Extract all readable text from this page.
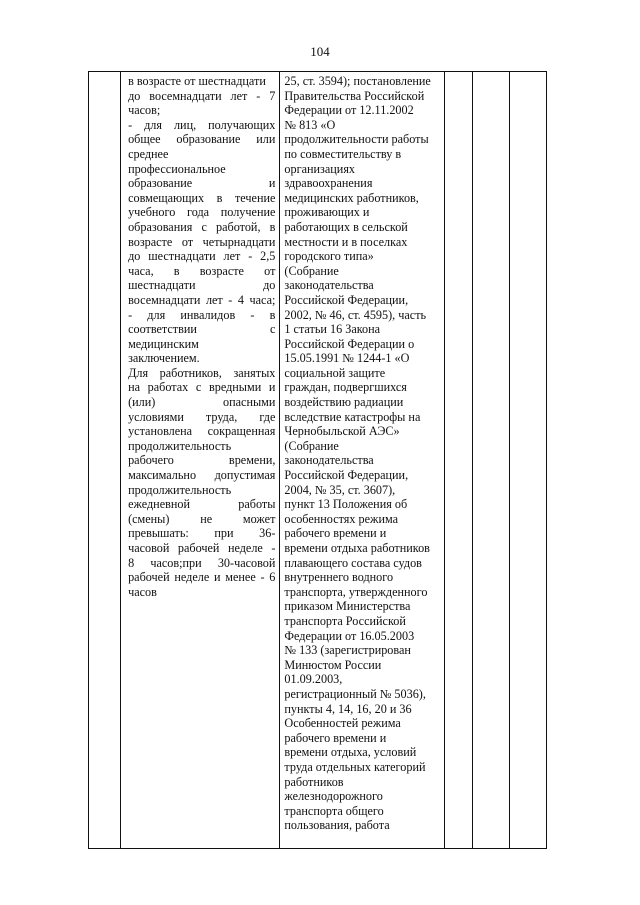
104

в возрасте от шестнадцати
до восемнадцати лет - 7
часов;
- для лиц, получающих
общее образование или
среднее
профессиональное
образование и
совмещающих в течение
учебного года получение
образования с работой, в
возрасте от четырнадцати
до шестнадцати лет - 2,5
часа, в возрасте от
шестнадцати до
восемнадцати лет - 4 часа;
- для инвалидов - в
соответствии с
медицинским
заключением.
Для работников, занятых
на работах с вредными и
(или) опасными
условиями труда, где
установлена сокращенная
продолжительность
рабочего времени,
максимально допустимая
продолжительность
ежедневной работы
(смены) не может
превышать: при 36-
часовой рабочей неделе -
8 часов;при 30-часовой
рабочей неделе и менее - 6
часов

25, ст. 3594); постановление
Правительства Российской
Федерации от 12.11.2002
№ 813 «О
продолжительности работы
по совместительству в
организациях
здравоохранения
медицинских работников,
проживающих и
работающих в сельской
местности и в поселках
городского типа»
(Собрание
законодательства
Российской Федерации,
2002, № 46, ст. 4595), часть
1 статьи 16 Закона
Российской Федерации о
15.05.1991 № 1244-1 «О
социальной защите
граждан, подвергшихся
воздействию радиации
вследствие катастрофы на
Чернобыльской АЭС»
(Собрание
законодательства
Российской Федерации,
2004, № 35, ст. 3607),
пункт 13 Положения об
особенностях режима
рабочего времени и
времени отдыха работников
плавающего состава судов
внутреннего водного
транспорта, утвержденного
приказом Министерства
транспорта Российской
Федерации от 16.05.2003
№ 133 (зарегистрирован
Минюстом России
01.09.2003,
регистрационный № 5036),
пункты 4, 14, 16, 20 и 36
Особенностей режима
рабочего времени и
времени отдыха, условий
труда отдельных категорий
работников
железнодорожного
транспорта общего
пользования, работа
